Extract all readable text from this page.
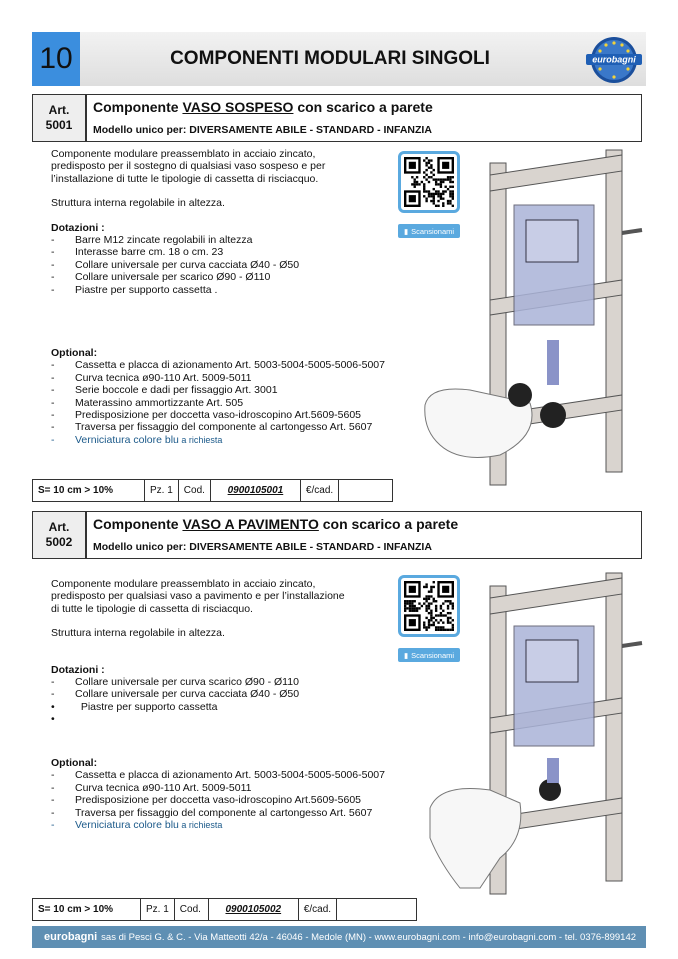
10	COMPONENTI MODULARI SINGOLI	eurobagni
Art.
5001
Componente VASO SOSPESO con scarico a parete
Modello unico per: DIVERSAMENTE ABILE - STANDARD - INFANZIA

Componente modulare preassemblato in acciaio zincato,

predisposto per il sostegno di qualsiasi vaso sospeso e per

l’installazione di tutte le tipologie di cassetta di risciacquo.

Struttura interna regolabile in altezza.

Dotazioni :

-	Barre M12 zincate regolabili in altezza
-	Interasse barre cm. 18 o cm. 23
-	Collare universale per curva cacciata Ø40 - Ø50
-	Collare universale per scarico Ø90 - Ø110
-	Piastre per supporto cassetta .

Optional:

-	Cassetta e placca di azionamento Art. 5003-5004-5005-5006-5007
-	Curva tecnica ø90-110 Art. 5009-5011
-	Serie boccole e dadi per fissaggio Art. 3001
-	Materassino ammortizzante Art. 505
-	Predisposizione per doccetta vaso-idroscopino Art.5609-5605
-	Traversa per fissaggio del componente al cartongesso Art. 5607
-	Verniciatura colore blu a richiesta
▮ Scansionami
S= 10 cm > 10%	Pz. 1	Cod.	0900105001	€/cad.	
Art.
5002
Componente VASO A PAVIMENTO con scarico a parete
Modello unico per: DIVERSAMENTE ABILE - STANDARD - INFANZIA

Componente modulare preassemblato in acciaio zincato,

predisposto per qualsiasi vaso a pavimento e per l’installazione

di tutte le tipologie di cassetta di risciacquo.

Struttura interna regolabile in altezza.

Dotazioni :

-	Collare universale per curva scarico Ø90 - Ø110
-	Collare universale per curva cacciata Ø40 - Ø50
•	Piastre per supporto cassetta
•

Optional:

-	Cassetta e placca di azionamento Art. 5003-5004-5005-5006-5007
-	Curva tecnica ø90-110 Art. 5009-5011
-	Predisposizione per doccetta vaso-idroscopino Art.5609-5605
-	Traversa per fissaggio del componente al cartongesso Art. 5607
-	Verniciatura colore blu a richiesta
▮ Scansionami
S= 10 cm > 10%	Pz. 1	Cod.	0900105002	€/cad.	
eurobagni sas di Pesci G. & C. - Via Matteotti 42/a - 46046 - Medole (MN) - www.eurobagni.com - info@eurobagni.com - tel. 0376-899142
